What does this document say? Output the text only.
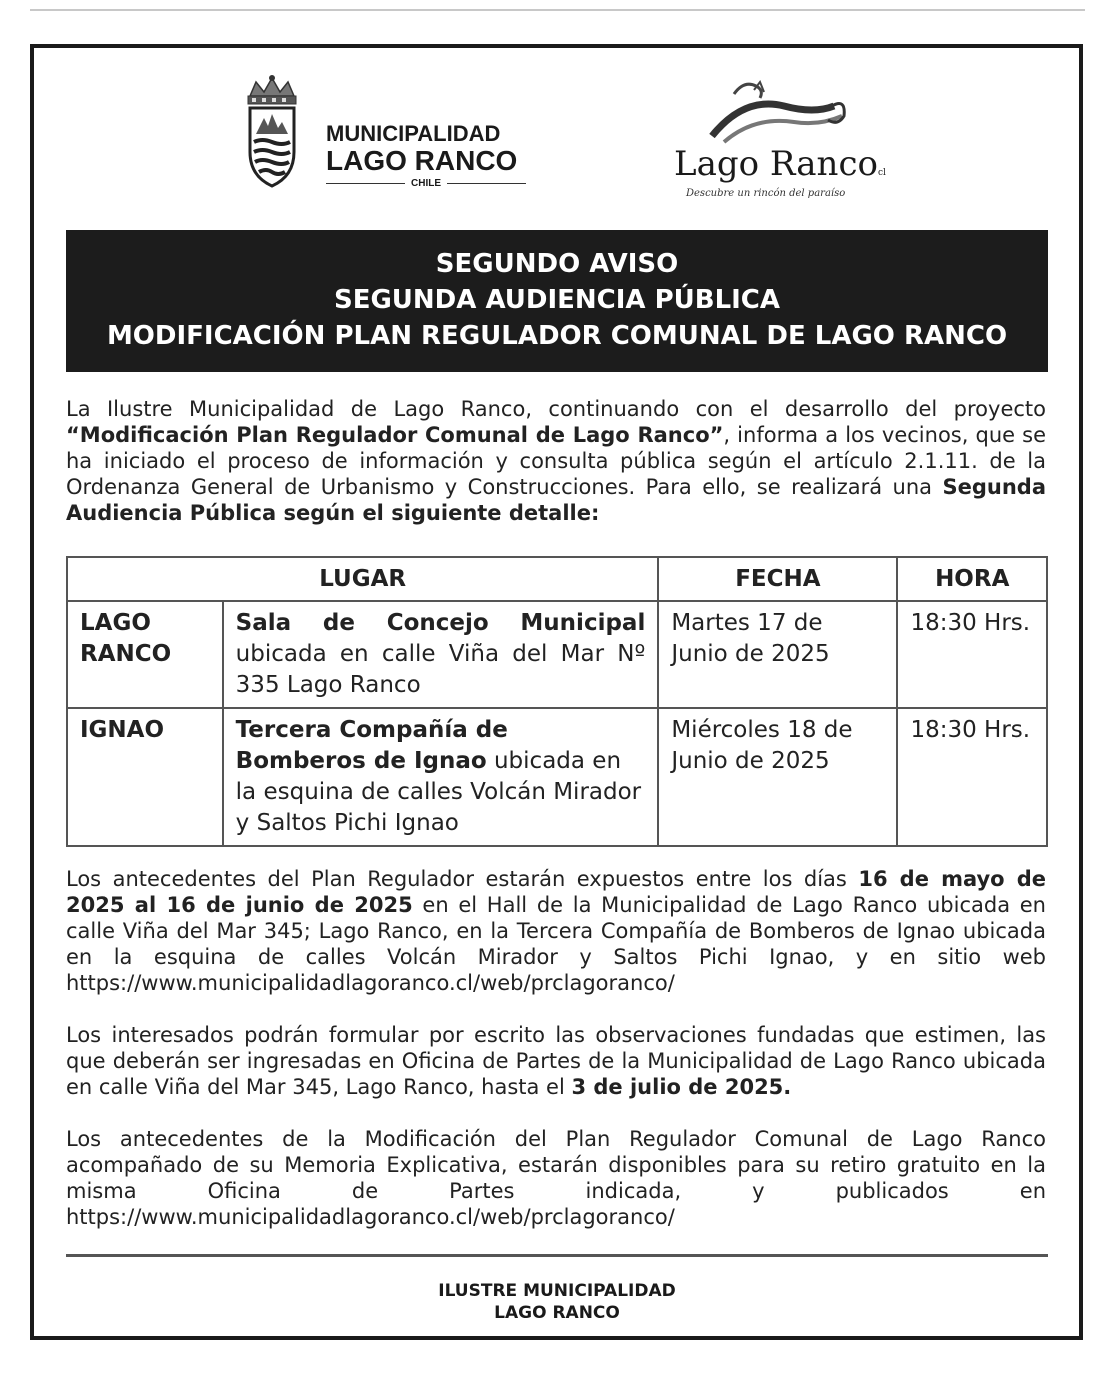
MUNICIPALIDAD
LAGO RANCO
CHILE	Lago Rancocl
Descubre un rincón del paraíso
SEGUNDO AVISO
SEGUNDA AUDIENCIA PÚBLICA
MODIFICACIÓN PLAN REGULADOR COMUNAL DE LAGO RANCO
La Ilustre Municipalidad de Lago Ranco, continuando con el desarrollo del proyecto “Modificación Plan Regulador Comunal de Lago Ranco”, informa a los vecinos, que se ha iniciado el proceso de información y consulta pública según el artículo 2.1.11. de la Ordenanza General de Urbanismo y Construcciones. Para ello, se realizará una Segunda Audiencia Pública según el siguiente detalle:
LUGAR		FECHA	HORA
LAGO RANCO	Sala de Concejo Municipal ubicada en calle Viña del Mar Nº 335 Lago Ranco	Martes 17 de Junio de 2025	18:30 Hrs.
IGNAO	Tercera Compañía de Bomberos de Ignao ubicada en la esquina de calles Volcán Mirador y Saltos Pichi Ignao	Miércoles 18 de Junio de 2025	18:30 Hrs.
Los antecedentes del Plan Regulador estarán expuestos entre los días 16 de mayo de 2025 al 16 de junio de 2025 en el Hall de la Municipalidad de Lago Ranco ubicada en calle Viña del Mar 345; Lago Ranco, en la Tercera Compañía de Bomberos de Ignao ubicada en la esquina de calles Volcán Mirador y Saltos Pichi Ignao, y en sitio web https://www.municipalidadlagoranco.cl/web/prclagoranco/
Los interesados podrán formular por escrito las observaciones fundadas que estimen, las que deberán ser ingresadas en Oficina de Partes de la Municipalidad de Lago Ranco ubicada en calle Viña del Mar 345, Lago Ranco, hasta el 3 de julio de 2025.
Los antecedentes de la Modificación del Plan Regulador Comunal de Lago Ranco acompañado de su Memoria Explicativa, estarán disponibles para su retiro gratuito en la misma Oficina de Partes indicada, y publicados en https://www.municipalidadlagoranco.cl/web/prclagoranco/
ILUSTRE MUNICIPALIDAD
LAGO RANCO
